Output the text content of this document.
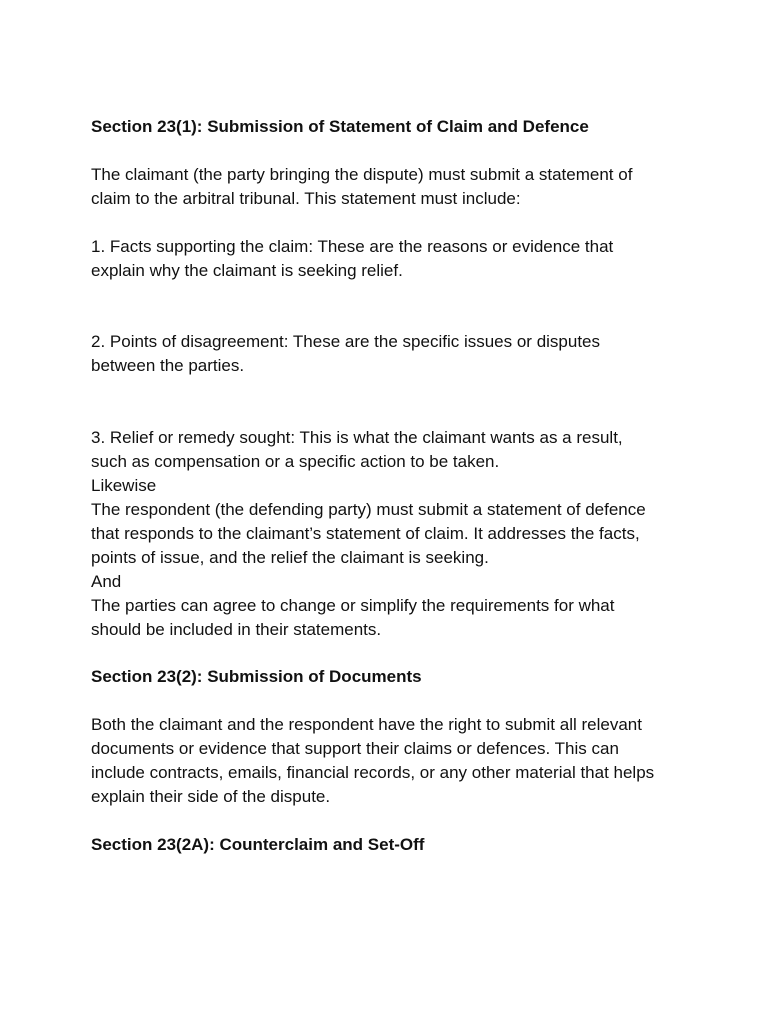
Section 23(1): Submission of Statement of Claim and Defence

The claimant (the party bringing the dispute) must submit a statement of
claim to the arbitral tribunal. This statement must include:

1. Facts supporting the claim: These are the reasons or evidence that
explain why the claimant is seeking relief.

2. Points of disagreement: These are the specific issues or disputes
between the parties.

3. Relief or remedy sought: This is what the claimant wants as a result,
such as compensation or a specific action to be taken.
Likewise
The respondent (the defending party) must submit a statement of defence
that responds to the claimant’s statement of claim. It addresses the facts,
points of issue, and the relief the claimant is seeking.
And
The parties can agree to change or simplify the requirements for what
should be included in their statements.

Section 23(2): Submission of Documents

Both the claimant and the respondent have the right to submit all relevant
documents or evidence that support their claims or defences. This can
include contracts, emails, financial records, or any other material that helps
explain their side of the dispute.

Section 23(2A): Counterclaim and Set-Off
